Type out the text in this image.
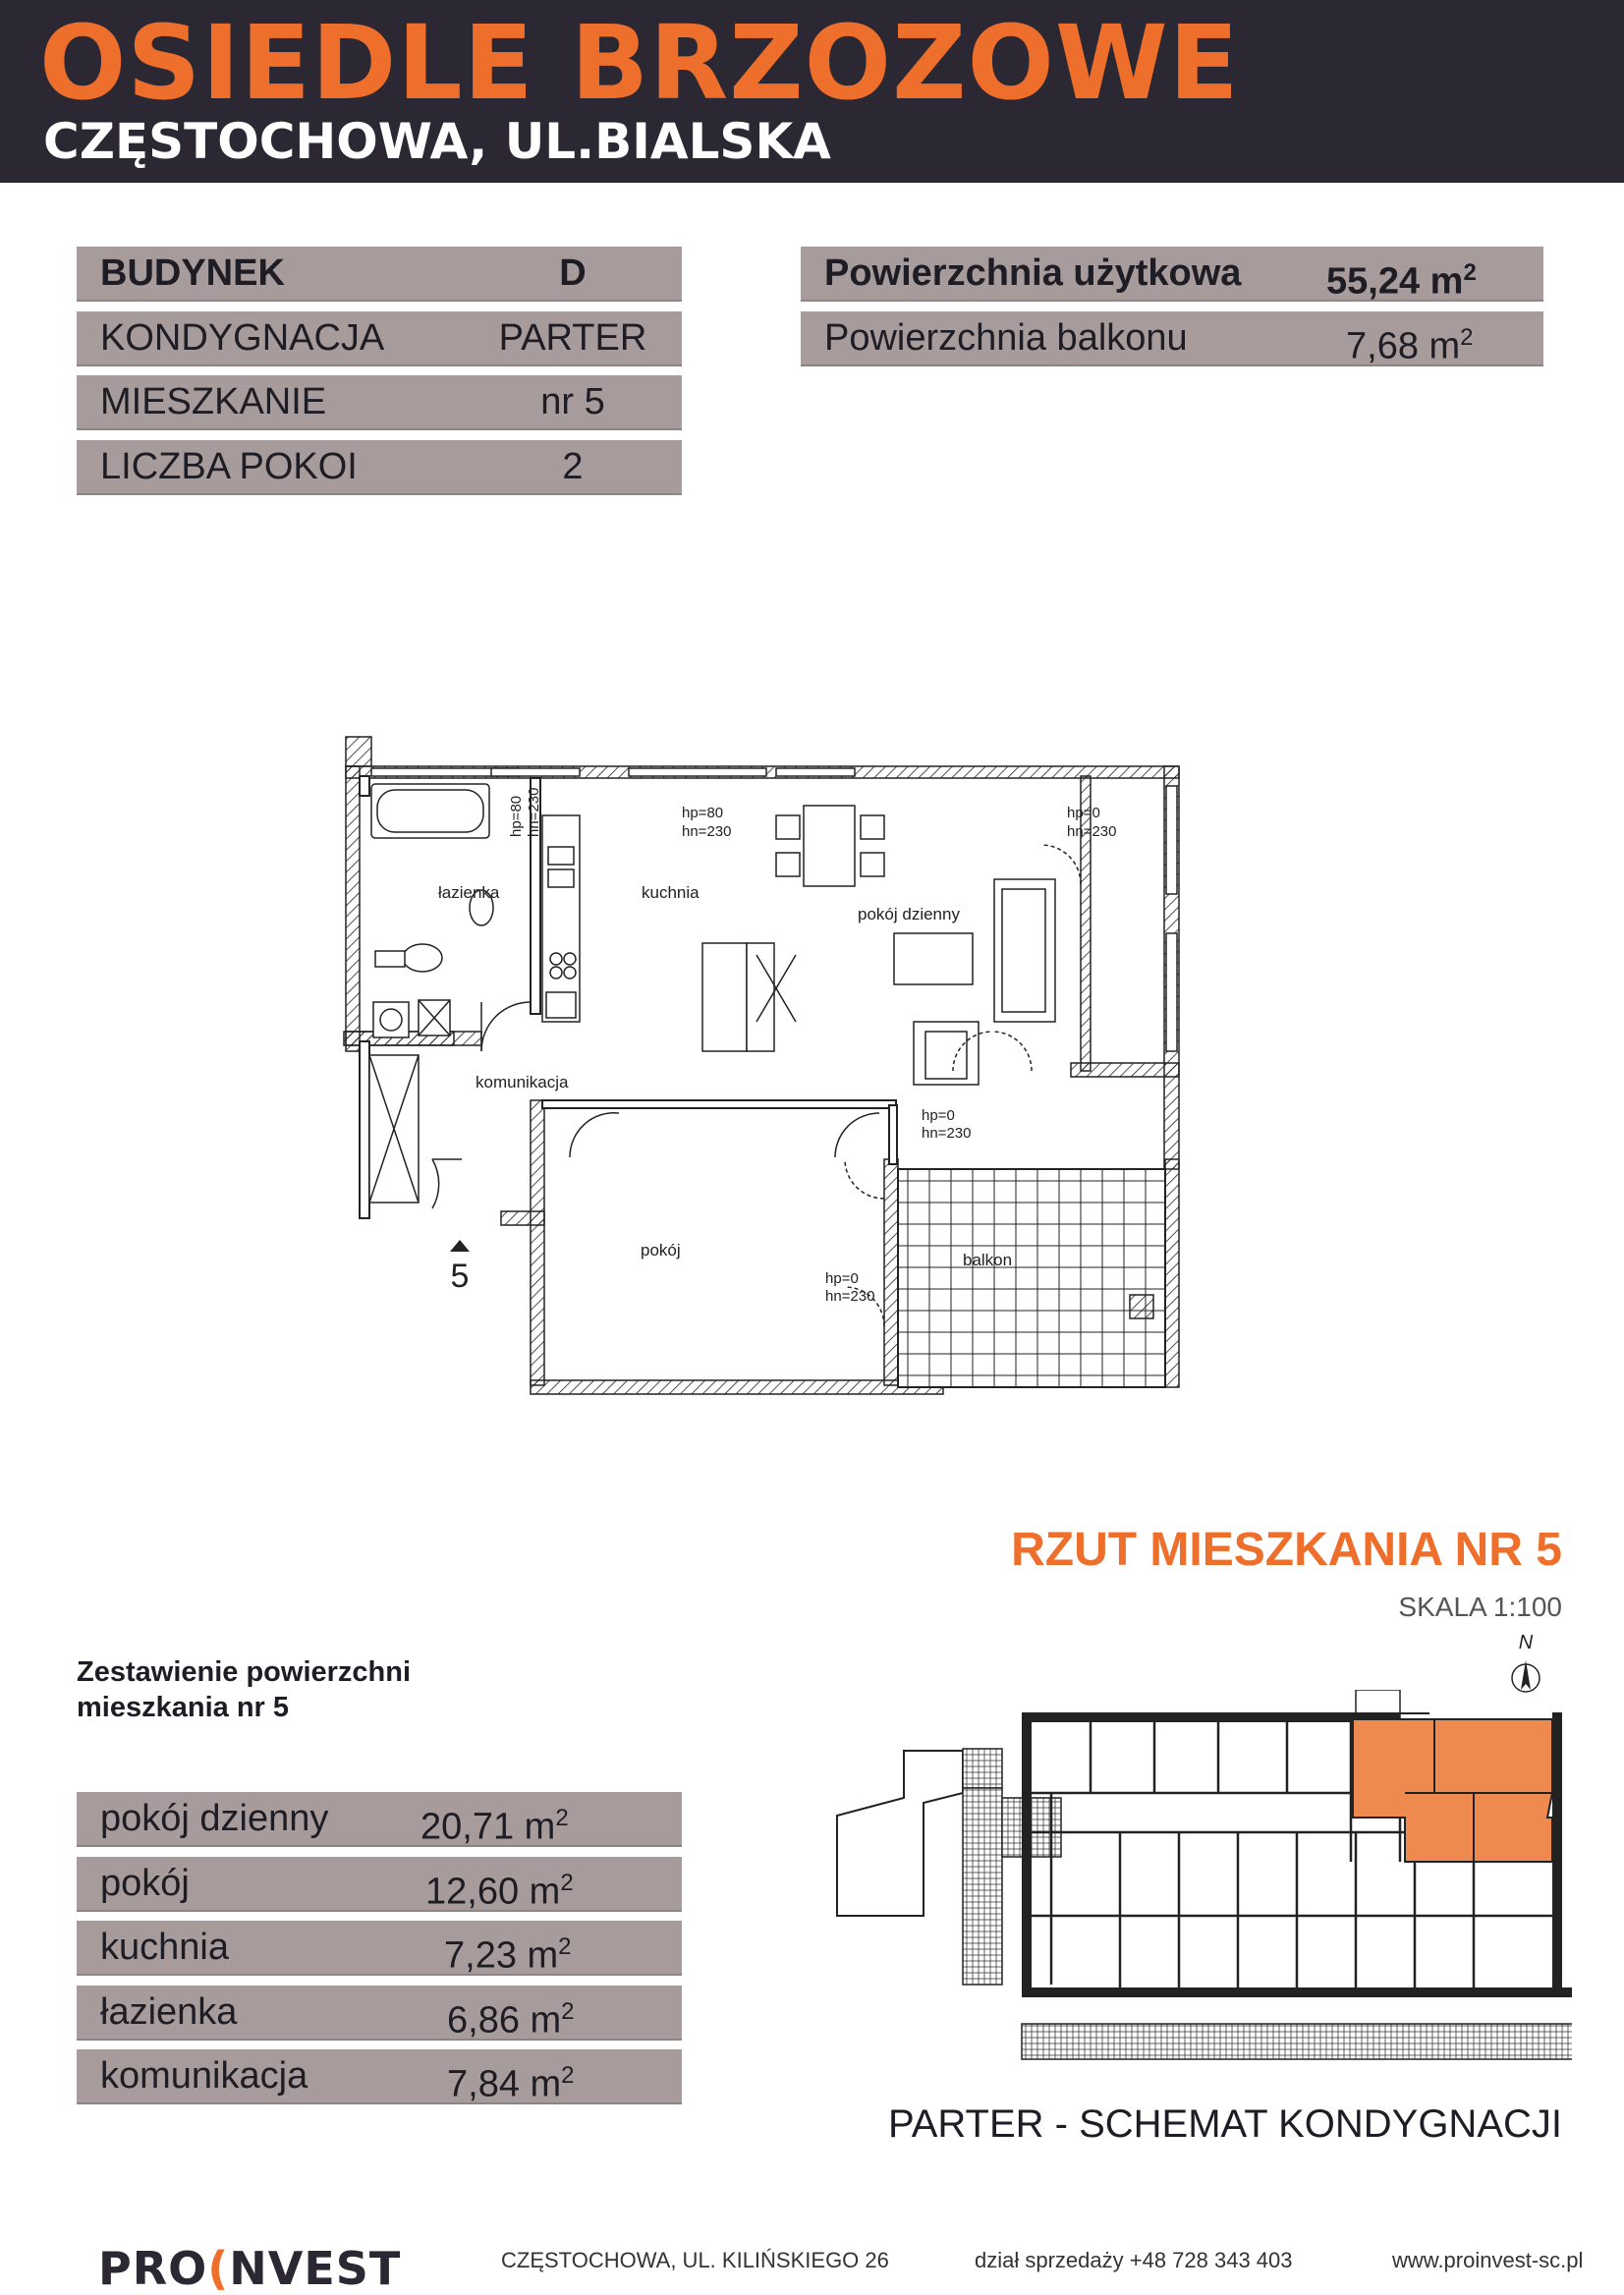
OSIEDLE BRZOZOWE
CZĘSTOCHOWA, UL.BIALSKA
BUDYNEK	D
KONDYGNACJA	PARTER
MIESZKANIE	nr 5
LICZBA POKOI	2
Powierzchnia użytkowa 55,24 $m^2$
Powierzchnia balkonu	7,68 $m^2$
łazienka	kuchnia
pokój dzienny
komunikacja
pokój
balkon
hp=80 hn=230	hp=80
hn=230
hp=0
hn=230
hp=0
hn=230
hp=0
hn=230
5
RZUT MIESZKANIA NR 5
SKALA 1:100
N
Zestawienie powierzchni
mieszkania nr 5
pokój dzienny 20,71 $m^2$
pokój	12,60 $m^2$
kuchnia	7,23 $m^2$
łazienka	6,86 $m^2$
komunikacja	7,84 $m^2$
PARTER - SCHEMAT KONDYGNACJI
PRO(NVEST	CZĘSTOCHOWA, UL. KILIŃSKIEGO 26	dział sprzedaży +48 728 343 403	www.proinvest-sc.pl
